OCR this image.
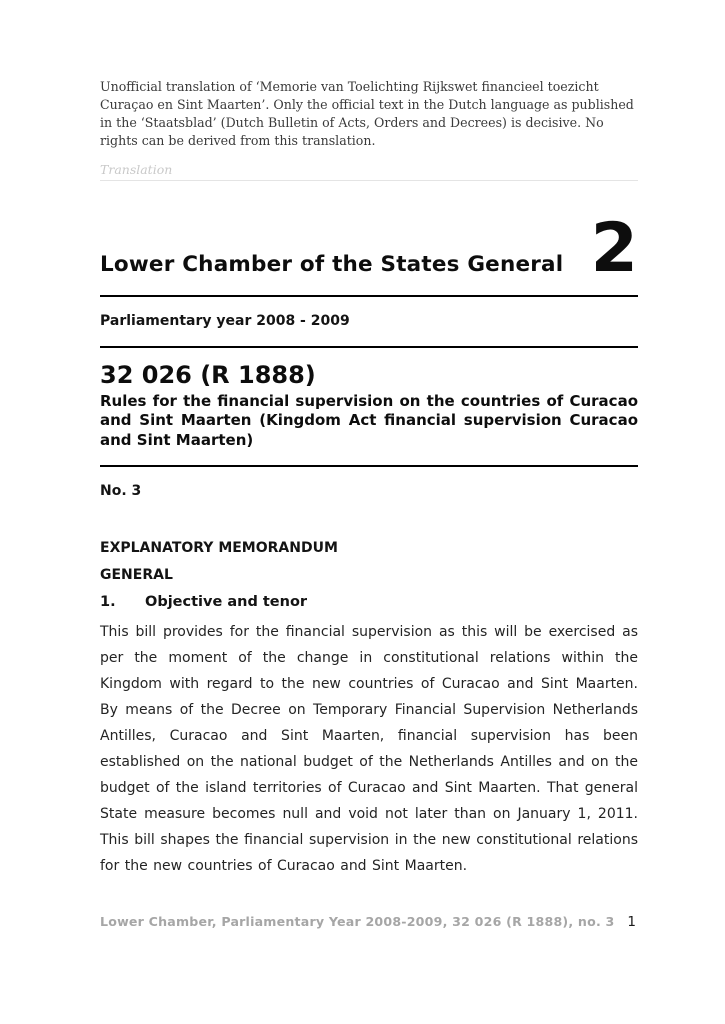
Unofficial translation of ‘Memorie van Toelichting Rijkswet financieel toezicht Curaçao en Sint Maarten’. Only the official text in the Dutch language as published in the ‘Staatsblad’ (Dutch Bulletin of Acts, Orders and Decrees) is decisive. No rights can be derived from this translation.

Translation
Lower Chamber of the States General 2
Parliamentary year 2008 - 2009
32 026 (R 1888)
Rules for the financial supervision on the countries of Curacao and Sint Maarten (Kingdom Act financial supervision Curacao and Sint Maarten)
No. 3
EXPLANATORY MEMORANDUM
GENERAL
1.	Objective and tenor

This bill provides for the financial supervision as this will be exercised as per the moment of the change in constitutional relations within the Kingdom with regard to the new countries of Curacao and Sint Maarten. By means of the Decree on Temporary Financial Supervision Netherlands Antilles, Curacao and Sint Maarten, financial supervision has been established on the national budget of the Netherlands Antilles and on the budget of the island territories of Curacao and Sint Maarten. That general State measure becomes null and void not later than on January 1, 2011. This bill shapes the financial supervision in the new constitutional relations for the new countries of Curacao and Sint Maarten.

Lower Chamber, Parliamentary Year 2008-2009, 32 026 (R 1888), no. 3 1
